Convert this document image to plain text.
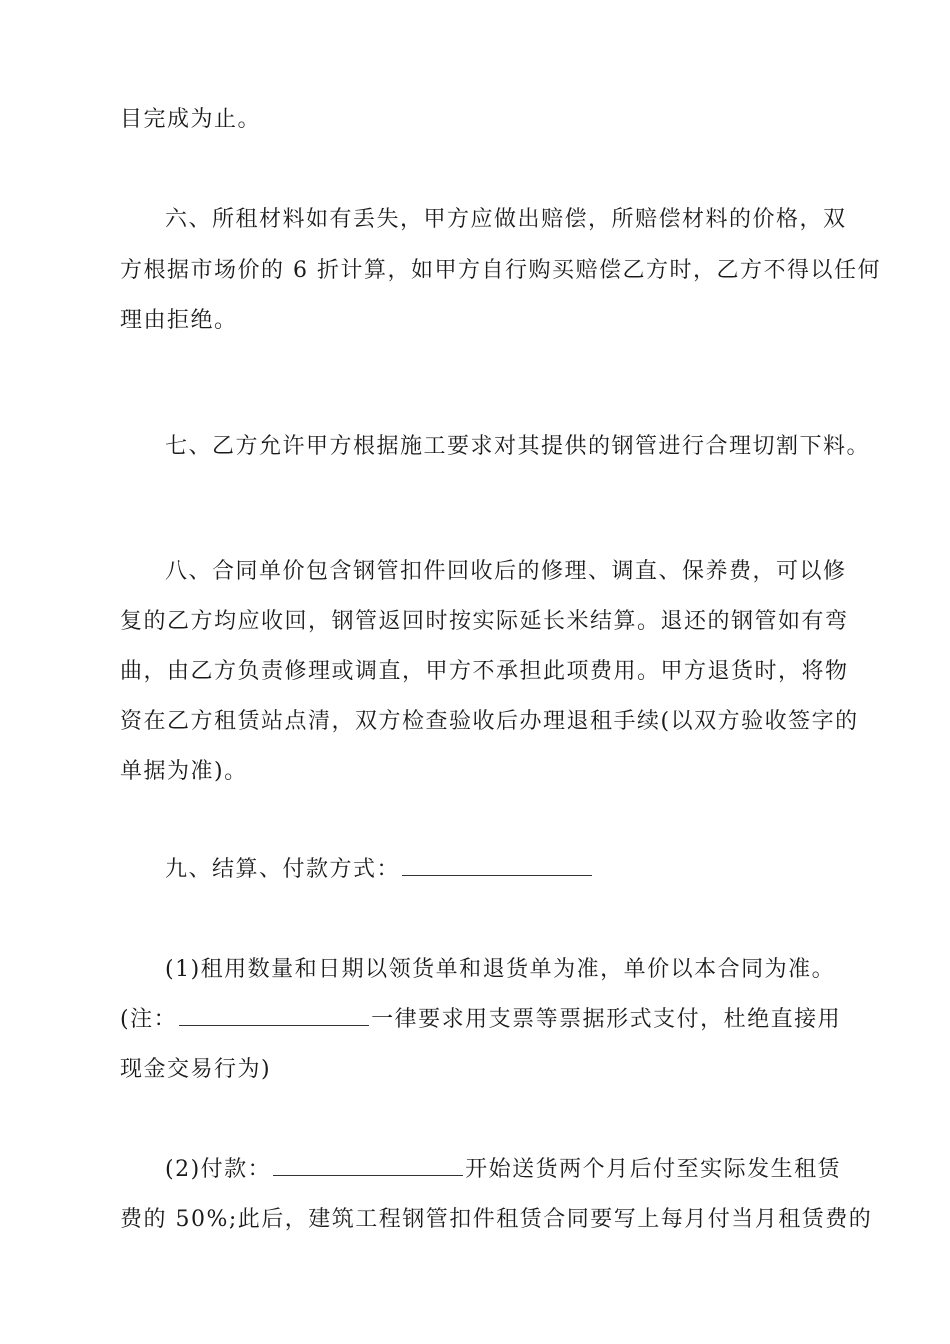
目完成为止。
六、所租材料如有丢失，甲方应做出赔偿，所赔偿材料的价格，双
方根据市场价的 6 折计算，如甲方自行购买赔偿乙方时，乙方不得以任何
理由拒绝。
七、乙方允许甲方根据施工要求对其提供的钢管进行合理切割下料。
八、合同单价包含钢管扣件回收后的修理、调直、保养费，可以修
复的乙方均应收回，钢管返回时按实际延长米结算。退还的钢管如有弯
曲，由乙方负责修理或调直，甲方不承担此项费用。甲方退货时，将物
资在乙方租赁站点清，双方检查验收后办理退租手续(以双方验收签字的
单据为准)。
九、结算、付款方式：
(1)租用数量和日期以领货单和退货单为准，单价以本合同为准。
(注：	一律要求用支票等票据形式支付，杜绝直接用
现金交易行为)
(2)付款：	开始送货两个月后付至实际发生租赁
费的 50%;此后，建筑工程钢管扣件租赁合同要写上每月付当月租赁费的
